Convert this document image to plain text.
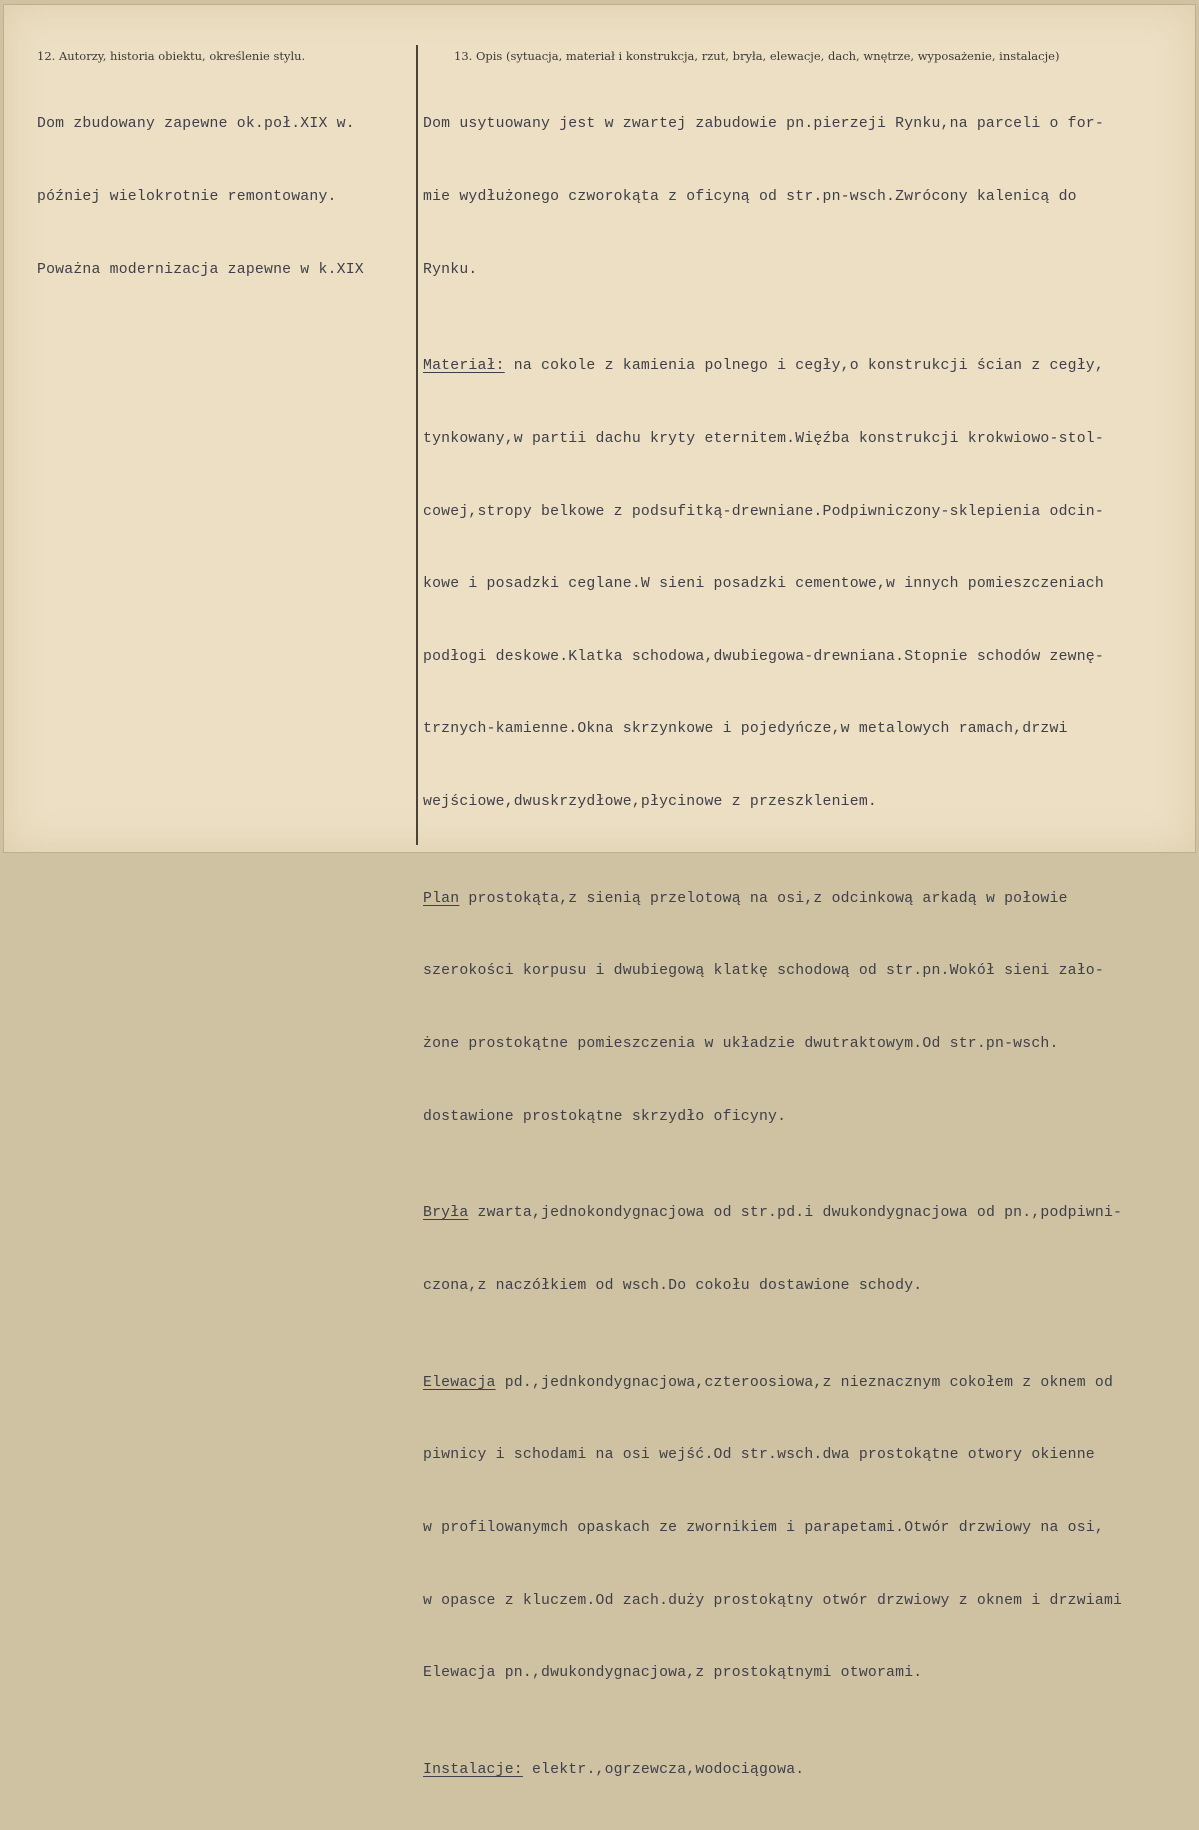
12. Autorzy, historia obiektu, określenie stylu.	13. Opis (sytuacja, materiał i konstrukcja, rzut, bryła, elewacje, dach, wnętrze, wyposażenie, instalacje)

Dom zbudowany zapewne ok.poł.XIX w.

później wielokrotnie remontowany.

Poważna modernizacja zapewne w k.XIX

Dom usytuowany jest w zwartej zabudowie pn.pierzeji Rynku,na parceli o for-

mie wydłużonego czworokąta z oficyną od str.pn-wsch.Zwrócony kalenicą do

Rynku.

Materiał: na cokole z kamienia polnego i cegły,o konstrukcji ścian z cegły,

tynkowany,w partii dachu kryty eternitem.Więźba konstrukcji krokwiowo-stol-

cowej,stropy belkowe z podsufitką-drewniane.Podpiwniczony-sklepienia odcin-

kowe i posadzki ceglane.W sieni posadzki cementowe,w innych pomieszczeniach

podłogi deskowe.Klatka schodowa,dwubiegowa-drewniana.Stopnie schodów zewnę-

trznych-kamienne.Okna skrzynkowe i pojedyńcze,w metalowych ramach,drzwi

wejściowe,dwuskrzydłowe,płycinowe z przeszkleniem.

Plan prostokąta,z sienią przelotową na osi,z odcinkową arkadą w połowie

szerokości korpusu i dwubiegową klatkę schodową od str.pn.Wokół sieni zało-

żone prostokątne pomieszczenia w układzie dwutraktowym.Od str.pn-wsch.

dostawione prostokątne skrzydło oficyny.

Bryła zwarta,jednokondygnacjowa od str.pd.i dwukondygnacjowa od pn.,podpiwni-

czona,z naczółkiem od wsch.Do cokołu dostawione schody.

Elewacja pd.,jednkondygnacjowa,czteroosiowa,z nieznacznym cokołem z oknem od

piwnicy i schodami na osi wejść.Od str.wsch.dwa prostokątne otwory okienne

w profilowanymch opaskach ze zwornikiem i parapetami.Otwór drzwiowy na osi,

w opasce z kluczem.Od zach.duży prostokątny otwór drzwiowy z oknem i drzwiami

Elewacja pn.,dwukondygnacjowa,z prostokątnymi otworami.

Instalacje: elektr.,ogrzewcza,wodociągowa.
